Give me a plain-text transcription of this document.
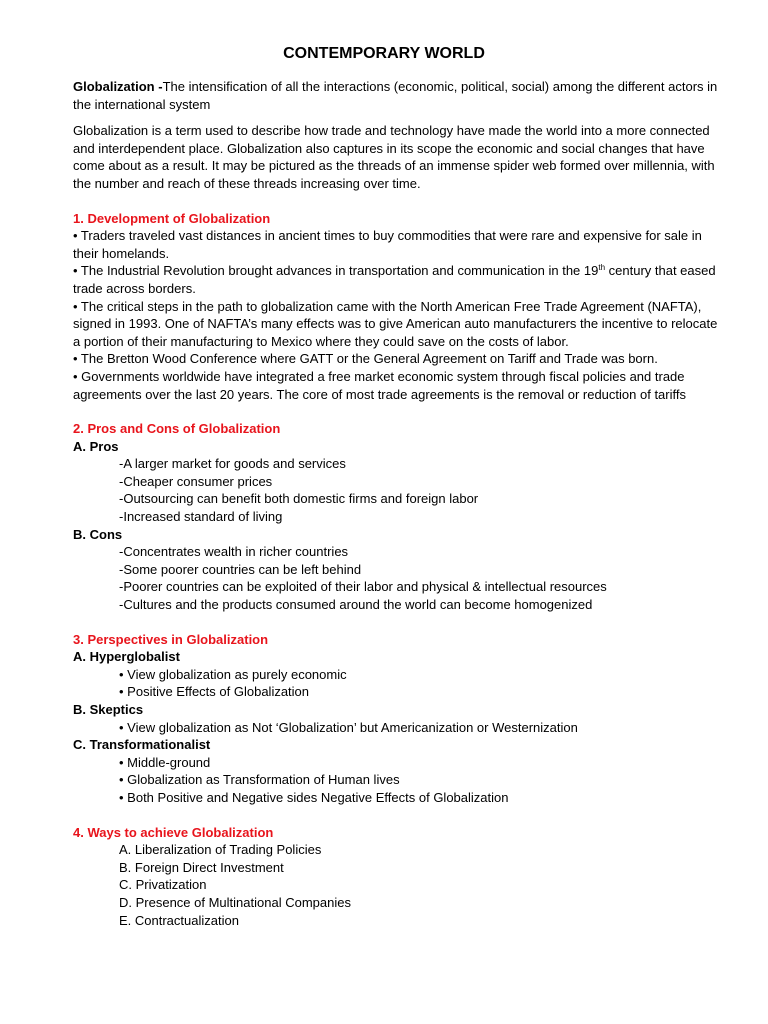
CONTEMPORARY WORLD

Globalization -The intensification of all the interactions (economic, political, social) among the different actors in the international system

Globalization is a term used to describe how trade and technology have made the world into a more connected and interdependent place. Globalization also captures in its scope the economic and social changes that have come about as a result. It may be pictured as the threads of an immense spider web formed over millennia, with the number and reach of these threads increasing over time.

1. Development of Globalization

• Traders traveled vast distances in ancient times to buy commodities that were rare and expensive for sale in their homelands.

• The Industrial Revolution brought advances in transportation and communication in the 19th century that eased trade across borders.

• The critical steps in the path to globalization came with the North American Free Trade Agreement (NAFTA), signed in 1993. One of NAFTA’s many effects was to give American auto manufacturers the incentive to relocate a portion of their manufacturing to Mexico where they could save on the costs of labor.

• The Bretton Wood Conference where GATT or the General Agreement on Tariff and Trade was born.

• Governments worldwide have integrated a free market economic system through fiscal policies and trade agreements over the last 20 years. The core of most trade agreements is the removal or reduction of tariffs

2. Pros and Cons of Globalization

A. Pros

-A larger market for goods and services

-Cheaper consumer prices

-Outsourcing can benefit both domestic firms and foreign labor

-Increased standard of living

B. Cons

-Concentrates wealth in richer countries

-Some poorer countries can be left behind

-Poorer countries can be exploited of their labor and physical & intellectual resources

-Cultures and the products consumed around the world can become homogenized

3. Perspectives in Globalization

A. Hyperglobalist

• View globalization as purely economic

• Positive Effects of Globalization

B. Skeptics

• View globalization as Not ‘Globalization’ but Americanization or Westernization

C. Transformationalist

• Middle-ground

• Globalization as Transformation of Human lives

• Both Positive and Negative sides Negative Effects of Globalization

4. Ways to achieve Globalization

A. Liberalization of Trading Policies

B. Foreign Direct Investment

C. Privatization

D. Presence of Multinational Companies

E. Contractualization
